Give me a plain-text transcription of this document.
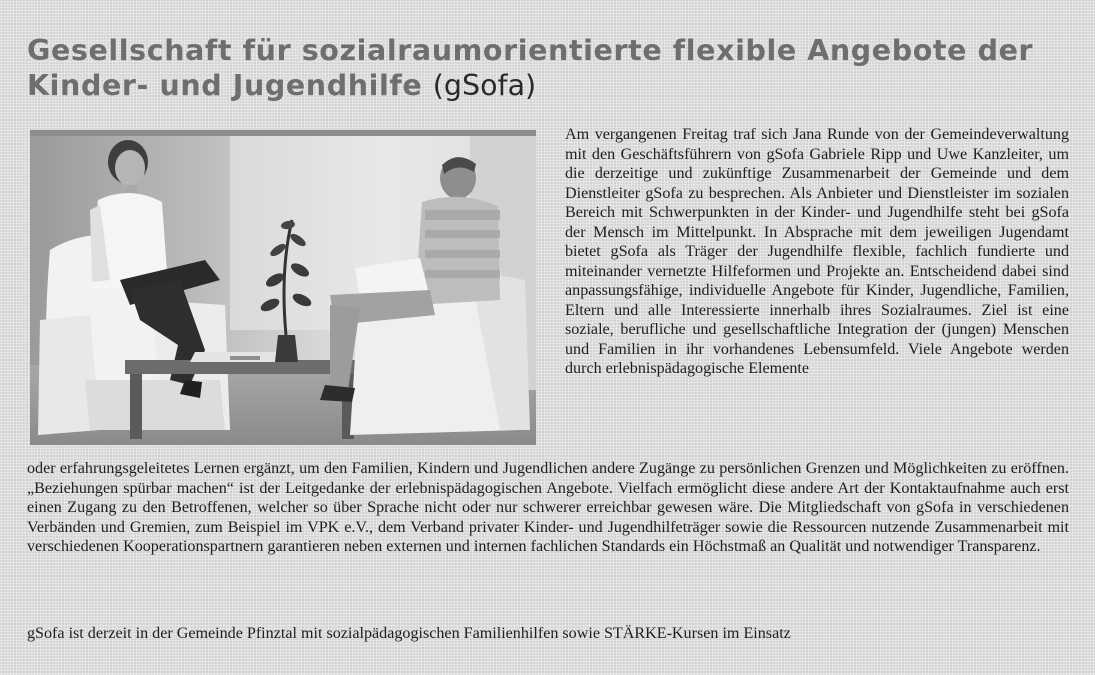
Gesellschaft für sozialraumorientierte flexible Angebote der
Kinder- und Jugendhilfe (gSofa)

Am vergangenen Freitag traf sich Jana Runde von der Gemeindeverwaltung mit den Geschäftsführern von gSofa Gabriele Ripp und Uwe Kanzleiter, um die derzeitige und zukünftige Zusammenarbeit der Gemeinde und dem Dienstleiter gSofa zu besprechen. Als Anbieter und Dienstleister im sozialen Bereich mit Schwerpunkten in der Kinder- und Jugendhilfe steht bei gSofa der Mensch im Mittelpunkt. In Absprache mit dem jeweiligen Jugendamt bietet gSofa als Träger der Jugendhilfe flexible, fachlich fundierte und miteinander vernetzte Hilfeformen und Projekte an. Entscheidend dabei sind anpassungsfähige, individuelle Angebote für Kinder, Jugendliche, Familien, Eltern und alle Interessierte innerhalb ihres Sozialraumes. Ziel ist eine soziale, berufliche und gesellschaftliche Integration der (jungen) Menschen und Familien in ihr vorhandenes Lebensumfeld. Viele Angebote werden durch erlebnispädagogische Elemente

oder erfahrungsgeleitetes Lernen ergänzt, um den Familien, Kindern und Jugendlichen andere Zugänge zu persönlichen Grenzen und Möglichkeiten zu eröffnen. „Beziehungen spürbar machen“ ist der Leitgedanke der erlebnispädagogischen Angebote. Vielfach ermöglicht diese andere Art der Kontaktaufnahme auch erst einen Zugang zu den Betroffenen, welcher so über Sprache nicht oder nur schwerer erreichbar gewesen wäre. Die Mitgliedschaft von gSofa in verschiedenen Verbänden und Gremien, zum Beispiel im VPK e.V., dem Verband privater Kinder- und Jugendhilfeträger sowie die Ressourcen nutzende Zusammenarbeit mit verschiedenen Kooperationspartnern garantieren neben externen und internen fachlichen Standards ein Höchstmaß an Qualität und notwendiger Transparenz.

gSofa ist derzeit in der Gemeinde Pfinztal mit sozialpädagogischen Familienhilfen sowie STÄRKE-Kursen im Einsatz
